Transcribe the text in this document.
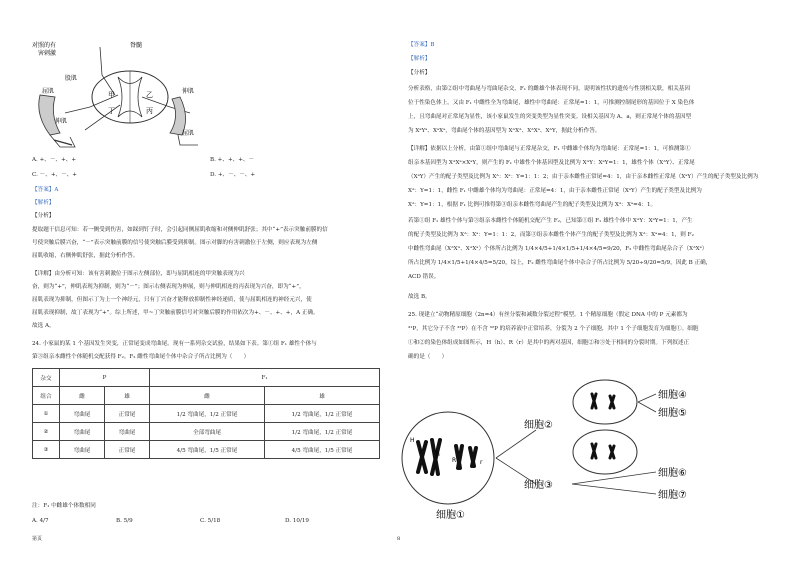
对照的有
害刺激
股肌
脊髓
屈肌
伸肌
伸肌
屈肌
甲	乙
丙
丁
A. +、－、+、+	B. +、+、+、－
C. －、+、－、+	D. +、－、－、+
【答案】A
【解析】
【分析】
提取题干信息可知：若一侧受到伤害，如踩到钉子时，会引起同侧屈肌收缩和对侧伸肌舒张；其中“+”表示突触前膜的信
号使突触后膜兴奋，“－”表示突触前膜的信号使突触后膜受到抑制。图示对脚的有害刺激位于左侧，则应表现为左侧
屈肌收缩，右侧伸肌舒张，据此分析作答。
【详解】由分析可知：该有害刺激位于图示左侧部位，即与屈肌相连的甲突触表现为兴
奋，则为“+”，伸肌表现为抑制，则为“－”；图示右侧表现为伸展，则与伸肌相连的丙表现为兴奋，即为“+”，
屈肌表现为抑制，但图示丁为上一个神经元，只有丁兴奋才能释放抑制性神经递质，使与屈肌相连的神经元兴，使
屈肌表现抑制，故丁表现为“+”。综上所述，甲~丁突触前膜信号对突触后膜的作用依次为+、－、+、+，A 正确。
故选 A。
24. 小家鼠的某 1 个基因发生突变，正常尾变成弯曲尾。现有一系列杂交试验，结果如下表。第①组 F₁ 雄性个体与
第③组亲本雌性个体随机交配获得 F₂。F₂ 雌性弯曲尾个体中杂合子所占比例为（　　）
杂交	P		F₁	
组合	雌	雄	雌	雄
①	弯曲尾	正常尾	1/2 弯曲尾，1/2 正常尾	1/2 弯曲尾，1/2 正常尾
②	弯曲尾	弯曲尾	全部弯曲尾	1/2 弯曲尾，1/2 正常尾
③	弯曲尾	正常尾	4/5 弯曲尾，1/5 正常尾	4/5 弯曲尾，1/5 正常尾
注：F₁ 中雌雄个体数相同
A. 4/7	B. 5/9	C. 5/18	D. 10/19
第页
【答案】B
【解析】
【分析】
分析表格，由第②组中弯曲尾与弯曲尾杂交，F₁ 的雌雄个体表现不同，说明该性状的遗传与性别相关联，相关基因
位于性染色体上，又由 F₁ 中雌性全为弯曲尾，雄性中弯曲尾：正常尾=1：1，可推测控制尾形的基因位于 X 染色体
上，且弯曲尾对正常尾为显性，该小家鼠发生的突变类型为显性突变。设相关基因为 A、a，则正常尾个体的基因型
为 XᵃYᵃ、XᵃXᵃ，弯曲尾个体的基因型为 XᴬXᴬ、XᴬXᵃ、XᴬY，据此分析作答。
【详解】依据以上分析，由第①组中弯曲尾与正常尾杂交，F₁ 中雌雄个体均为弯曲尾：正常尾=1：1，可推测第①
组亲本基因型为 XᴬXᵃ×XᵃY，则产生的 F₁ 中雄性个体基因型及比例为 XᴬY：XᵃY=1：1，雄性个体（XᴬY）、正常尾
（XᵃY）产生的配子类型及比例为 Xᴬ：Xᵃ：Y=1：1：2；由于亲本雌性正常尾=4：1，由于亲本雌性正常尾（XᵃY）产生的配子类型及比例为
Xᴬ：Y=1：1，雌性 F₁ 中雌雄个体均为弯曲尾：正常尾=4：1，由于亲本雌性正常尾（XᵃY）产生的配子类型及比例为
Xᴬ：Y=1：1，根据 F₁ 比例可推得第③组亲本雌性弯曲尾产生的配子类型及比例为 Xᴬ：Xᵃ=4：1。
若第①组 F₁ 雄性个体与第③组亲本雌性个体随机交配产生 F₂，已知第①组 F₁ 雄性个体中 XᴬY：XᵃY=1：1，产生
的配子类型及比例为 Xᴬ：Xᵃ：Y=1：1：2，而第③组亲本雌性个体产生的配子类型及比例为 Xᴬ：Xᵃ=4：1，则 F₂
中雌性弯曲尾（XᴬXᴬ、XᴬXᵃ）个体所占比例为 1/4×4/5+1/4×1/5+1/4×4/5=9/20，F₂ 中雌性弯曲尾杂合子（XᴬXᵃ）
所占比例为 1/4×1/5+1/4×4/5=5/20，综上，F₂ 雌性弯曲尾个体中杂合子所占比例为 5/20÷9/20=5/9，因此 B 正确，
ACD 错误。
故选 B。
25. 现建立“动物精原细胞（2n=4）有丝分裂和减数分裂过程”模型。1 个精原细胞（假定 DNA 中的 P 元素都为
³¹P，其它分子不含 ³²P）在不含 ³²P 的培养液中正常培养，分裂为 2 个子细胞，其中 1 个子细胞发育为细胞①。细胞
①和②的染色体组成如图所示，H（h）、R（r）是其中的两对基因，细胞②和③处于相同的分裂时期。下列叙述正
确的是（　　）
H
h
R	r
细胞①
细胞②
细胞③
细胞④
细胞⑤
细胞⑥
细胞⑦
8
